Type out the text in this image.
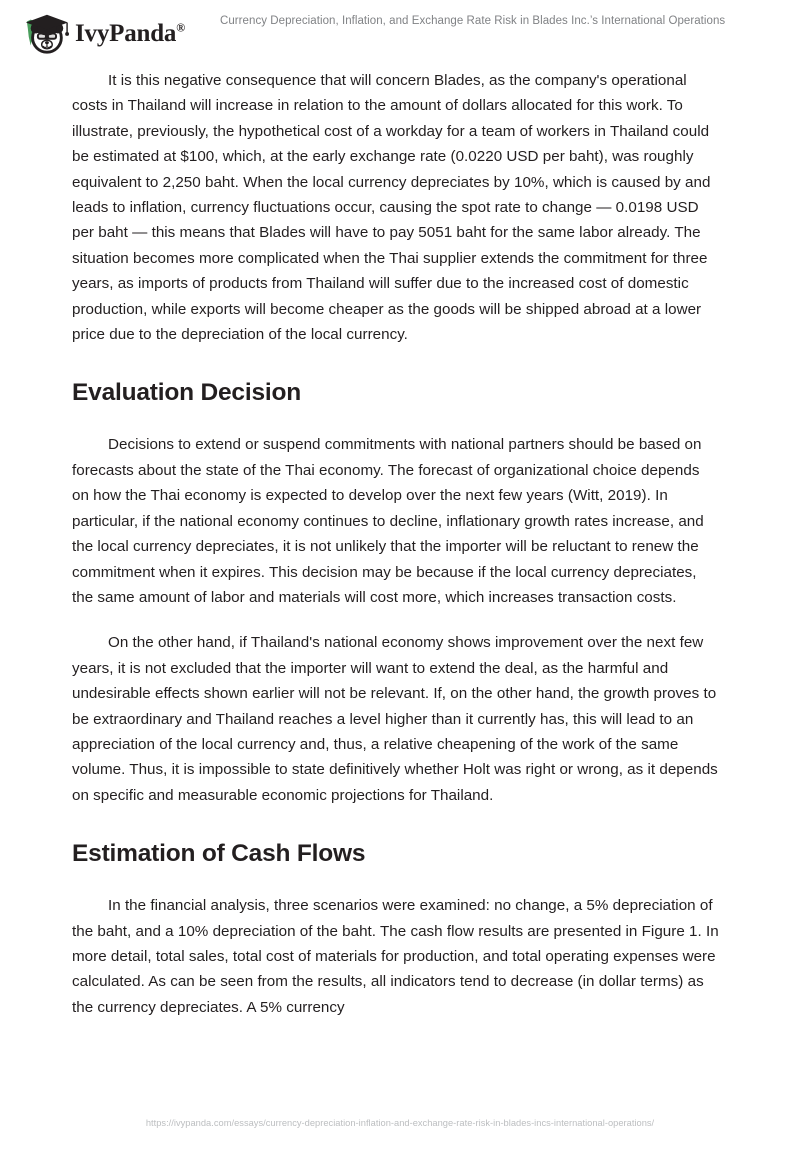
IvyPanda®	Currency Depreciation, Inflation, and Exchange Rate Risk in Blades Inc.’s International Operations

It is this negative consequence that will concern Blades, as the company's operational costs in Thailand will increase in relation to the amount of dollars allocated for this work. To illustrate, previously, the hypothetical cost of a workday for a team of workers in Thailand could be estimated at $100, which, at the early exchange rate (0.0220 USD per baht), was roughly equivalent to 2,250 baht. When the local currency depreciates by 10%, which is caused by and leads to inflation, currency fluctuations occur, causing the spot rate to change — 0.0198 USD per baht — this means that Blades will have to pay 5051 baht for the same labor already. The situation becomes more complicated when the Thai supplier extends the commitment for three years, as imports of products from Thailand will suffer due to the increased cost of domestic production, while exports will become cheaper as the goods will be shipped abroad at a lower price due to the depreciation of the local currency.

Evaluation Decision

Decisions to extend or suspend commitments with national partners should be based on forecasts about the state of the Thai economy. The forecast of organizational choice depends on how the Thai economy is expected to develop over the next few years (Witt, 2019). In particular, if the national economy continues to decline, inflationary growth rates increase, and the local currency depreciates, it is not unlikely that the importer will be reluctant to renew the commitment when it expires. This decision may be because if the local currency depreciates, the same amount of labor and materials will cost more, which increases transaction costs.

On the other hand, if Thailand's national economy shows improvement over the next few years, it is not excluded that the importer will want to extend the deal, as the harmful and undesirable effects shown earlier will not be relevant. If, on the other hand, the growth proves to be extraordinary and Thailand reaches a level higher than it currently has, this will lead to an appreciation of the local currency and, thus, a relative cheapening of the work of the same volume. Thus, it is impossible to state definitively whether Holt was right or wrong, as it depends on specific and measurable economic projections for Thailand.

Estimation of Cash Flows

In the financial analysis, three scenarios were examined: no change, a 5% depreciation of the baht, and a 10% depreciation of the baht. The cash flow results are presented in Figure 1. In more detail, total sales, total cost of materials for production, and total operating expenses were calculated. As can be seen from the results, all indicators tend to decrease (in dollar terms) as the currency depreciates. A 5% currency

https://ivypanda.com/essays/currency-depreciation-inflation-and-exchange-rate-risk-in-blades-incs-international-operations/
